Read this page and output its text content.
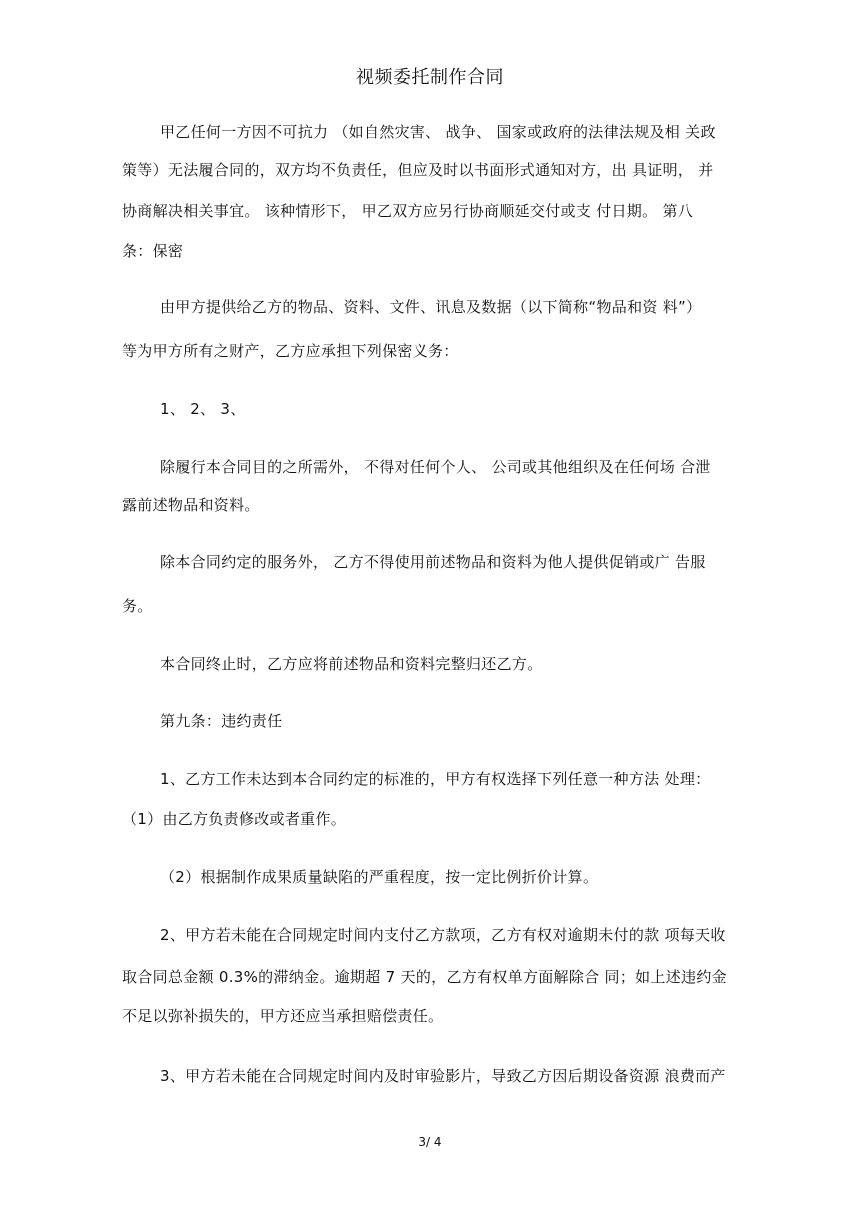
视频委托制作合同
甲乙任何一方因不可抗力 （如自然灾害、 战争、 国家或政府的法律法规及相 关政
策等）无法履合同的，双方均不负责任，但应及时以书面形式通知对方，出 具证明， 并
协商解决相关事宜。 该种情形下， 甲乙双方应另行协商顺延交付或支 付日期。 第八
条：保密
由甲方提供给乙方的物品、资料、文件、讯息及数据（以下简称“物品和资 料”）
等为甲方所有之财产，乙方应承担下列保密义务：
1、 2、 3、
除履行本合同目的之所需外， 不得对任何个人、 公司或其他组织及在任何场 合泄
露前述物品和资料。
除本合同约定的服务外， 乙方不得使用前述物品和资料为他人提供促销或广 告服
务。
本合同终止时，乙方应将前述物品和资料完整归还乙方。
第九条：违约责任
1、乙方工作未达到本合同约定的标准的，甲方有权选择下列任意一种方法 处理：
（1）由乙方负责修改或者重作。
（2）根据制作成果质量缺陷的严重程度，按一定比例折价计算。
2、甲方若未能在合同规定时间内支付乙方款项，乙方有权对逾期未付的款 项每天收
取合同总金额 0.3%的滞纳金。逾期超 7 天的，乙方有权单方面解除合 同；如上述违约金
不足以弥补损失的，甲方还应当承担赔偿责任。
3、甲方若未能在合同规定时间内及时审验影片，导致乙方因后期设备资源 浪费而产
3/ 4
